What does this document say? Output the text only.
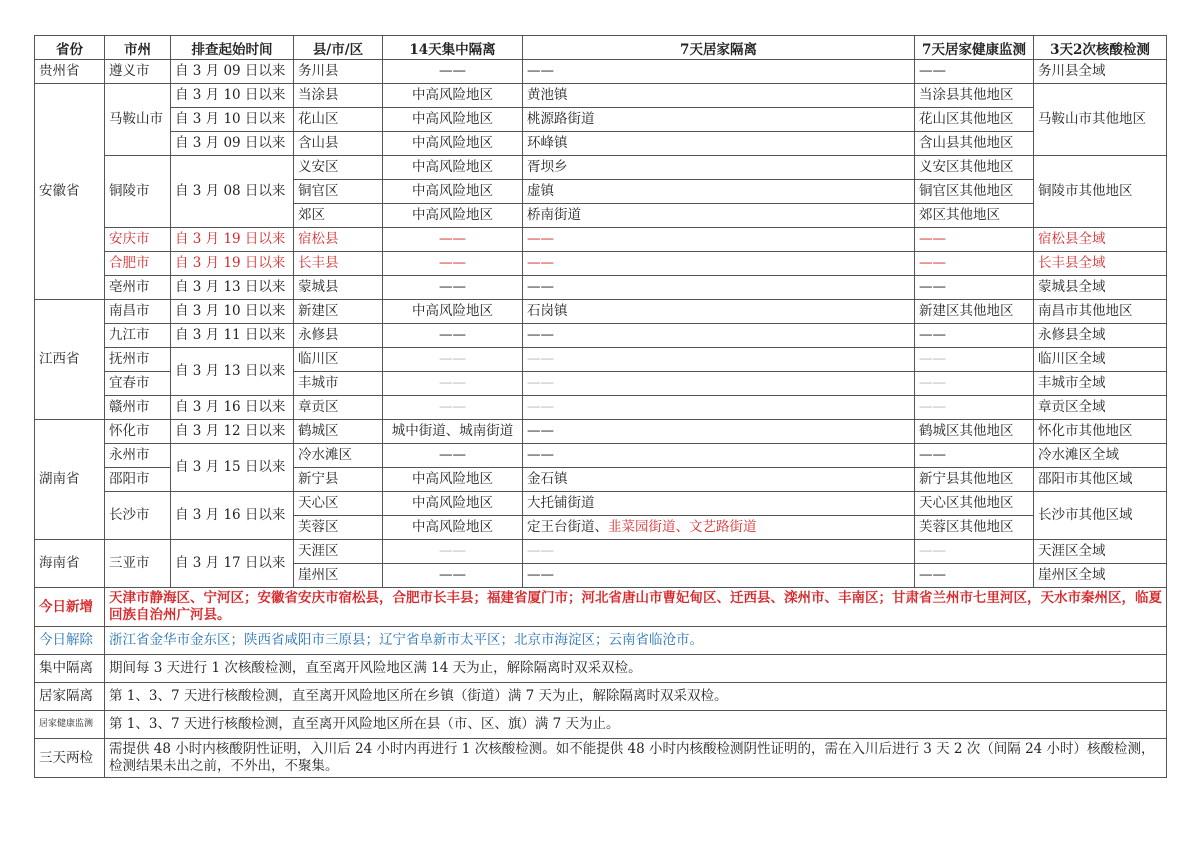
省份	市州	排查起始时间	县/市/区	14天集中隔离	7天居家隔离	7天居家健康监测	3天2次核酸检测
贵州省	遵义市	自 3 月 09 日以来	务川县	——	——	——	务川县全域
安徽省	马鞍山市	自 3 月 10 日以来	当涂县	中高风险地区	黄池镇	当涂县其他地区	马鞍山市其他地区
		自 3 月 10 日以来	花山区	中高风险地区	桃源路街道	花山区其他地区	
		自 3 月 09 日以来	含山县	中高风险地区	环峰镇	含山县其他地区	
	铜陵市	自 3 月 08 日以来	义安区	中高风险地区	胥坝乡	义安区其他地区	铜陵市其他地区
			铜官区	中高风险地区	虚镇	铜官区其他地区	
			郊区	中高风险地区	桥南街道	郊区其他地区	
	安庆市	自 3 月 19 日以来	宿松县	——	——	——	宿松县全域
	合肥市	自 3 月 19 日以来	长丰县	——	——	——	长丰县全域
	亳州市	自 3 月 13 日以来	蒙城县	——	——	——	蒙城县全域
江西省	南昌市	自 3 月 10 日以来	新建区	中高风险地区	石岗镇	新建区其他地区	南昌市其他地区
	九江市	自 3 月 11 日以来	永修县	——	——	——	永修县全域
	抚州市	自 3 月 13 日以来	临川区	——	——	——	临川区全域
	宜春市		丰城市	——	——	——	丰城市全域
	赣州市	自 3 月 16 日以来	章贡区	——	——	——	章贡区全域
湖南省	怀化市	自 3 月 12 日以来	鹤城区	城中街道、城南街道	——	鹤城区其他地区	怀化市其他地区
	永州市	自 3 月 15 日以来	冷水滩区	——	——	——	冷水滩区全域
	邵阳市		新宁县	中高风险地区	金石镇	新宁县其他地区	邵阳市其他区域
	长沙市	自 3 月 16 日以来	天心区	中高风险地区	大托铺街道	天心区其他地区	长沙市其他区域
			芙蓉区	中高风险地区	定王台街道、韭菜园街道、文艺路街道	芙蓉区其他地区	
海南省	三亚市	自 3 月 17 日以来	天涯区	——	——	——	天涯区全域
			崖州区	——	——	——	崖州区全域
今日新增	天津市静海区、宁河区；安徽省安庆市宿松县，合肥市长丰县；福建省厦门市；河北省唐山市曹妃甸区、迁西县、滦州市、丰南区；甘肃省兰州市七里河区，天水市秦州区，临夏回族自治州广河县。						
今日解除	浙江省金华市金东区；陕西省咸阳市三原县；辽宁省阜新市太平区；北京市海淀区；云南省临沧市。						
集中隔离	期间每 3 天进行 1 次核酸检测，直至离开风险地区满 14 天为止，解除隔离时双采双检。						
居家隔离	第 1、3、7 天进行核酸检测，直至离开风险地区所在乡镇（街道）满 7 天为止，解除隔离时双采双检。						
居家健康监测	第 1、3、7 天进行核酸检测，直至离开风险地区所在县（市、区、旗）满 7 天为止。						
三天两检	需提供 48 小时内核酸阴性证明，入川后 24 小时内再进行 1 次核酸检测。如不能提供 48 小时内核酸检测阴性证明的，需在入川后进行 3 天 2 次（间隔 24 小时）核酸检测，检测结果未出之前，不外出，不聚集。						
